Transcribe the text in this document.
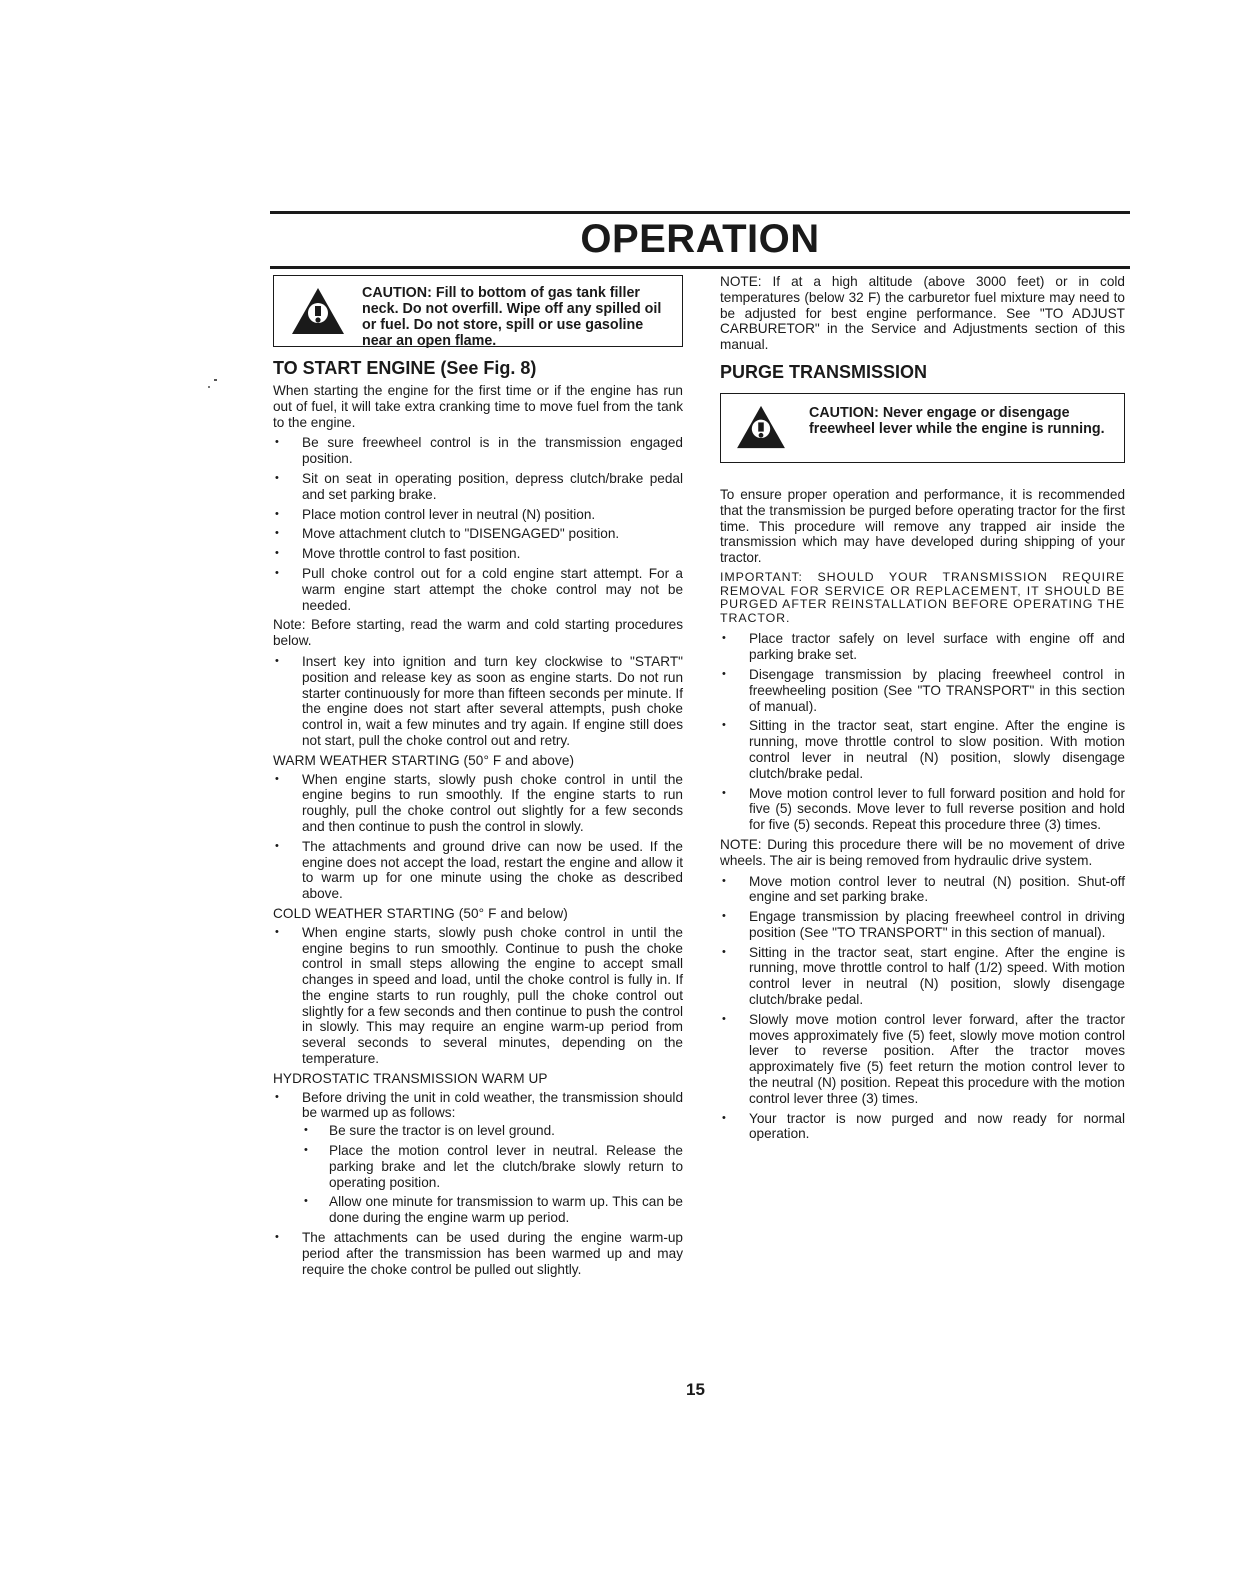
OPERATION
CAUTION: Fill to bottom of gas tank filler neck. Do not overfill. Wipe off any spilled oil or fuel. Do not store, spill or use gasoline near an open flame.
TO START ENGINE (See Fig. 8)

When starting the engine for the first time or if the engine has run out of fuel, it will take extra cranking time to move fuel from the tank to the engine.

• Be sure freewheel control is in the transmission engaged position.
• Sit on seat in operating position, depress clutch/brake pedal and set parking brake.
• Place motion control lever in neutral (N) position.
• Move attachment clutch to "DISENGAGED" position.
• Move throttle control to fast position.
• Pull choke control out for a cold engine start attempt. For a warm engine start attempt the choke control may not be needed.

Note: Before starting, read the warm and cold starting procedures below.

• Insert key into ignition and turn key clockwise to "START" position and release key as soon as engine starts. Do not run starter continuously for more than fifteen seconds per minute. If the engine does not start after several attempts, push choke control in, wait a few minutes and try again. If engine still does not start, pull the choke control out and retry.
WARM WEATHER STARTING (50° F and above)
• When engine starts, slowly push choke control in until the engine begins to run smoothly. If the engine starts to run roughly, pull the choke control out slightly for a few seconds and then continue to push the control in slowly.
• The attachments and ground drive can now be used. If the engine does not accept the load, restart the engine and allow it to warm up for one minute using the choke as described above.
COLD WEATHER STARTING (50° F and below)
• When engine starts, slowly push choke control in until the engine begins to run smoothly. Continue to push the choke control in small steps allowing the engine to accept small changes in speed and load, until the choke control is fully in. If the engine starts to run roughly, pull the choke control out slightly for a few seconds and then continue to push the control in slowly. This may require an engine warm-up period from several seconds to several minutes, depending on the temperature.
HYDROSTATIC TRANSMISSION WARM UP
• Before driving the unit in cold weather, the transmission should be warmed up as follows:
• Be sure the tractor is on level ground.
• Place the motion control lever in neutral. Release the parking brake and let the clutch/brake slowly return to operating position.
• Allow one minute for transmission to warm up. This can be done during the engine warm up period.
• The attachments can be used during the engine warm-up period after the transmission has been warmed up and may require the choke control be pulled out slightly.

NOTE: If at a high altitude (above 3000 feet) or in cold temperatures (below 32 F) the carburetor fuel mixture may need to be adjusted for best engine performance. See "TO ADJUST CARBURETOR" in the Service and Adjustments section of this manual.

PURGE TRANSMISSION
CAUTION: Never engage or disengage freewheel lever while the engine is running.

To ensure proper operation and performance, it is recommended that the transmission be purged before operating tractor for the first time. This procedure will remove any trapped air inside the transmission which may have developed during shipping of your tractor.

IMPORTANT: SHOULD YOUR TRANSMISSION REQUIRE REMOVAL FOR SERVICE OR REPLACEMENT, IT SHOULD BE PURGED AFTER REINSTALLATION BEFORE OPERATING THE TRACTOR.

• Place tractor safely on level surface with engine off and parking brake set.
• Disengage transmission by placing freewheel control in freewheeling position (See "TO TRANSPORT" in this section of manual).
• Sitting in the tractor seat, start engine. After the engine is running, move throttle control to slow position. With motion control lever in neutral (N) position, slowly disengage clutch/brake pedal.
• Move motion control lever to full forward position and hold for five (5) seconds. Move lever to full reverse position and hold for five (5) seconds. Repeat this procedure three (3) times.

NOTE: During this procedure there will be no movement of drive wheels. The air is being removed from hydraulic drive system.

• Move motion control lever to neutral (N) position. Shut-off engine and set parking brake.
• Engage transmission by placing freewheel control in driving position (See "TO TRANSPORT" in this section of manual).
• Sitting in the tractor seat, start engine. After the engine is running, move throttle control to half (1/2) speed. With motion control lever in neutral (N) position, slowly disengage clutch/brake pedal.
• Slowly move motion control lever forward, after the tractor moves approximately five (5) feet, slowly move motion control lever to reverse position. After the tractor moves approximately five (5) feet return the motion control lever to the neutral (N) position. Repeat this procedure with the motion control lever three (3) times.
• Your tractor is now purged and now ready for normal operation.
15
